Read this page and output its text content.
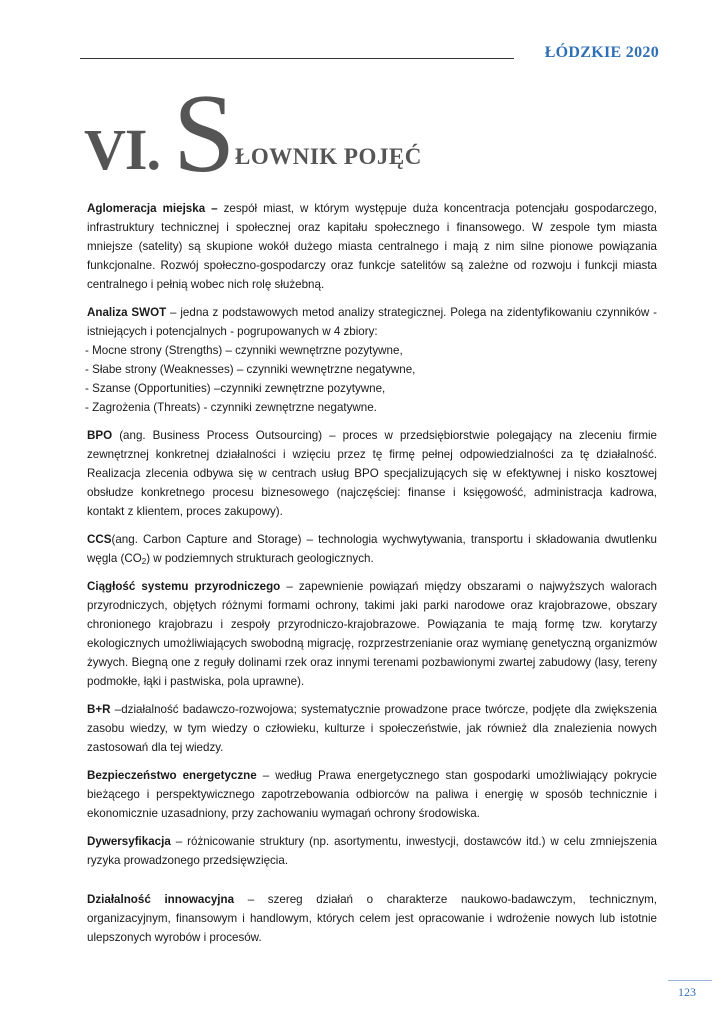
ŁÓDZKIE 2020
VI. S ŁOWNIK POJĘĆ

Aglomeracja miejska – zespół miast, w którym występuje duża koncentracja potencjału gospodarczego, infrastruktury technicznej i społecznej oraz kapitału społecznego i finansowego. W zespole tym miasta mniejsze (satelity) są skupione wokół dużego miasta centralnego i mają z nim silne pionowe powiązania funkcjonalne. Rozwój społeczno-gospodarczy oraz funkcje satelitów są zależne od rozwoju i funkcji miasta centralnego i pełnią wobec nich rolę służebną.

Analiza SWOT – jedna z podstawowych metod analizy strategicznej. Polega na zidentyfikowaniu czynników - istniejących i potencjalnych - pogrupowanych w 4 zbiory:
- Mocne strony (Strengths) – czynniki wewnętrzne pozytywne,
- Słabe strony (Weaknesses) – czynniki wewnętrzne negatywne,
- Szanse (Opportunities) –czynniki zewnętrzne pozytywne,
- Zagrożenia (Threats) - czynniki zewnętrzne negatywne.

BPO (ang. Business Process Outsourcing) – proces w przedsiębiorstwie polegający na zleceniu firmie zewnętrznej konkretnej działalności i wzięciu przez tę firmę pełnej odpowiedzialności za tę działalność. Realizacja zlecenia odbywa się w centrach usług BPO specjalizujących się w efektywnej i nisko kosztowej obsłudze konkretnego procesu biznesowego (najczęściej: finanse i księgowość, administracja kadrowa, kontakt z klientem, proces zakupowy).

CCS(ang. Carbon Capture and Storage) – technologia wychwytywania, transportu i składowania dwutlenku węgla $(CO_2)$ w podziemnych strukturach geologicznych.

Ciągłość systemu przyrodniczego – zapewnienie powiązań między obszarami o najwyższych walorach przyrodniczych, objętych różnymi formami ochrony, takimi jaki parki narodowe oraz krajobrazowe, obszary chronionego krajobrazu i zespoły przyrodniczo-krajobrazowe. Powiązania te mają formę tzw. korytarzy ekologicznych umożliwiających swobodną migrację, rozprzestrzenianie oraz wymianę genetyczną organizmów żywych. Biegną one z reguły dolinami rzek oraz innymi terenami pozbawionymi zwartej zabudowy (lasy, tereny podmokłe, łąki i pastwiska, pola uprawne).

B+R –działalność badawczo-rozwojowa; systematycznie prowadzone prace twórcze, podjęte dla zwiększenia zasobu wiedzy, w tym wiedzy o człowieku, kulturze i społeczeństwie, jak również dla znalezienia nowych zastosowań dla tej wiedzy.

Bezpieczeństwo energetyczne – według Prawa energetycznego stan gospodarki umożliwiający pokrycie bieżącego i perspektywicznego zapotrzebowania odbiorców na paliwa i energię w sposób technicznie i ekonomicznie uzasadniony, przy zachowaniu wymagań ochrony środowiska.

Dywersyfikacja – różnicowanie struktury (np. asortymentu, inwestycji, dostawców itd.) w celu zmniejszenia ryzyka prowadzonego przedsięwzięcia.

Działalność innowacyjna – szereg działań o charakterze naukowo-badawczym, technicznym, organizacyjnym, finansowym i handlowym, których celem jest opracowanie i wdrożenie nowych lub istotnie ulepszonych wyrobów i procesów.

123
